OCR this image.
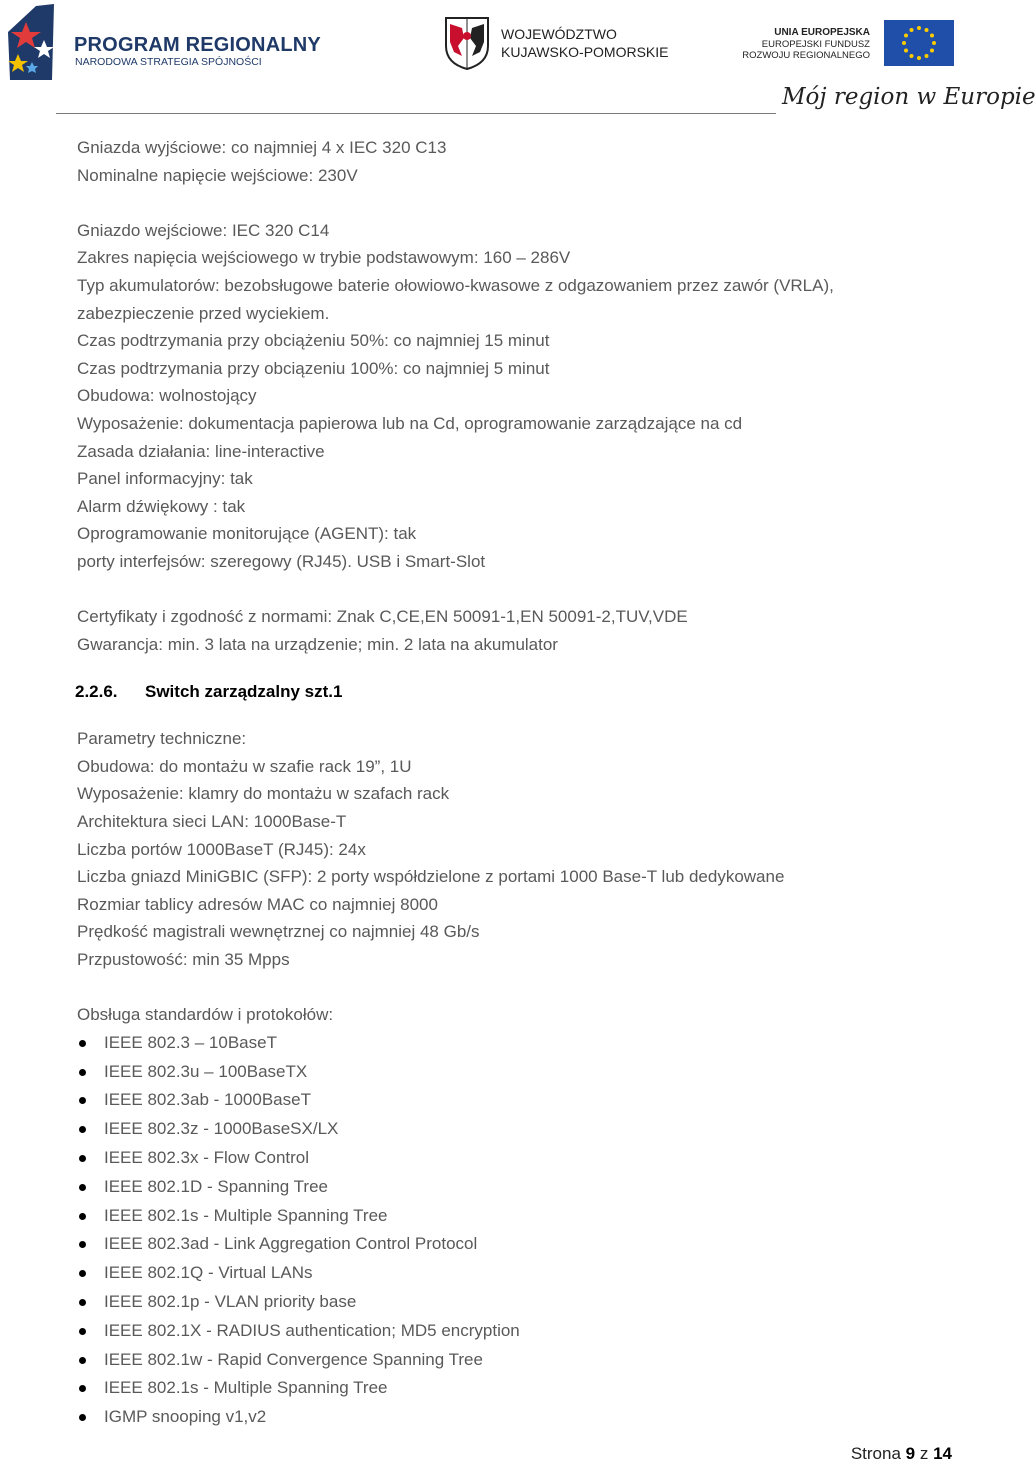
PROGRAM REGIONALNY
NARODOWA STRATEGIA SPÓJNOŚCI
WOJEWÓDZTWO
KUJAWSKO-POMORSKIE
UNIA EUROPEJSKA
EUROPEJSKI FUNDUSZ
ROZWOJU REGIONALNEGO
Mój region w Europie

Gniazda wyjściowe: co najmniej 4 x IEC 320 C13

Nominalne napięcie wejściowe: 230V

Gniazdo wejściowe: IEC 320 C14

Zakres napięcia wejściowego w trybie podstawowym: 160 – 286V

Typ akumulatorów: bezobsługowe baterie ołowiowo-kwasowe z odgazowaniem przez zawór (VRLA),

zabezpieczenie przed wyciekiem.

Czas podtrzymania przy obciążeniu 50%: co najmniej 15 minut

Czas podtrzymania przy obciązeniu 100%: co najmniej 5 minut

Obudowa: wolnostojący

Wyposażenie: dokumentacja papierowa lub na Cd, oprogramowanie zarządzające na cd

Zasada działania: line-interactive

Panel informacyjny: tak

Alarm dźwiękowy : tak

Oprogramowanie monitorujące (AGENT): tak

porty interfejsów: szeregowy (RJ45). USB i Smart-Slot

Certyfikaty i zgodność z normami: Znak C,CE,EN 50091-1,EN 50091-2,TUV,VDE

Gwarancja: min. 3 lata na urządzenie; min. 2 lata na akumulator

2.2.6. Switch zarządzalny szt.1

Parametry techniczne:

Obudowa: do montażu w szafie rack 19”, 1U

Wyposażenie: klamry do montażu w szafach rack

Architektura sieci LAN: 1000Base-T

Liczba portów 1000BaseT (RJ45): 24x

Liczba gniazd MiniGBIC (SFP): 2 porty współdzielone z portami 1000 Base-T lub dedykowane

Rozmiar tablicy adresów MAC co najmniej 8000

Prędkość magistrali wewnętrznej co najmniej 48 Gb/s

Przpustowość: min 35 Mpps

Obsługa standardów i protokołów:

IEEE 802.3 – 10BaseT
IEEE 802.3u – 100BaseTX
IEEE 802.3ab - 1000BaseT
IEEE 802.3z - 1000BaseSX/LX
IEEE 802.3x - Flow Control
IEEE 802.1D - Spanning Tree
IEEE 802.1s - Multiple Spanning Tree
IEEE 802.3ad - Link Aggregation Control Protocol
IEEE 802.1Q - Virtual LANs
IEEE 802.1p - VLAN priority base
IEEE 802.1X - RADIUS authentication; MD5 encryption
IEEE 802.1w - Rapid Convergence Spanning Tree
IEEE 802.1s - Multiple Spanning Tree
IGMP snooping v1,v2
Strona 9 z 14
